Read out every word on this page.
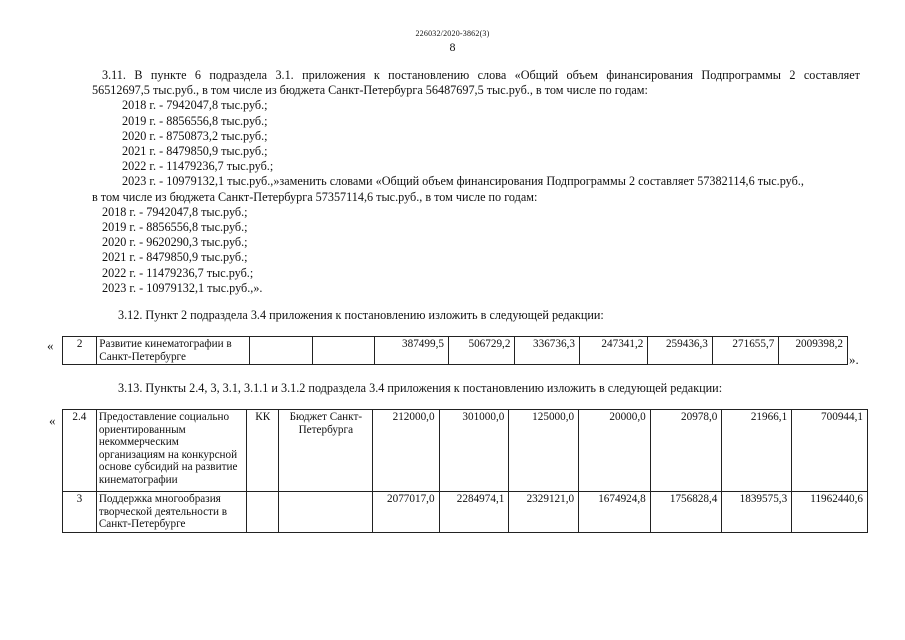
226032/2020-3862(3)
8
3.11. В пункте 6 подраздела 3.1. приложения к постановлению слова «Общий объем финансирования Подпрограммы 2 составляет
56512697,5 тыс.руб., в том числе из бюджета Санкт-Петербурга 56487697,5 тыс.руб., в том числе по годам:
2018 г. - 7942047,8 тыс.руб.;
2019 г. - 8856556,8 тыс.руб.;
2020 г. - 8750873,2 тыс.руб.;
2021 г. - 8479850,9 тыс.руб.;
2022 г. - 11479236,7 тыс.руб.;
2023 г. - 10979132,1 тыс.руб.,»заменить словами «Общий объем финансирования Подпрограммы 2 составляет 57382114,6 тыс.руб.,
в том числе из бюджета Санкт-Петербурга 57357114,6 тыс.руб., в том числе по годам:
2018 г. - 7942047,8 тыс.руб.;
2019 г. - 8856556,8 тыс.руб.;
2020 г. - 9620290,3 тыс.руб.;
2021 г. - 8479850,9 тыс.руб.;
2022 г. - 11479236,7 тыс.руб.;
2023 г. - 10979132,1 тыс.руб.,».
3.12. Пункт 2 подраздела 3.4 приложения к постановлению изложить в следующей редакции:
« 2	Развитие кинематографии в Санкт-Петербурге			387499,5	506729,2	336736,3	247341,2	259436,3	271655,7	2009398,2
».
3.13. Пункты 2.4, 3, 3.1, 3.1.1 и 3.1.2 подраздела 3.4 приложения к постановлению изложить в следующей редакции:
« 2.4	Предоставление социально ориентированным некоммерческим организациям на конкурсной основе субсидий на развитие кинематографии	КК	Бюджет Санкт-Петербурга	212000,0	301000,0	125000,0	20000,0	20978,0	21966,1	700944,1
3	Поддержка многообразия творческой деятельности в Санкт-Петербурге			2077017,0	2284974,1	2329121,0	1674924,8	1756828,4	1839575,3	11962440,6
